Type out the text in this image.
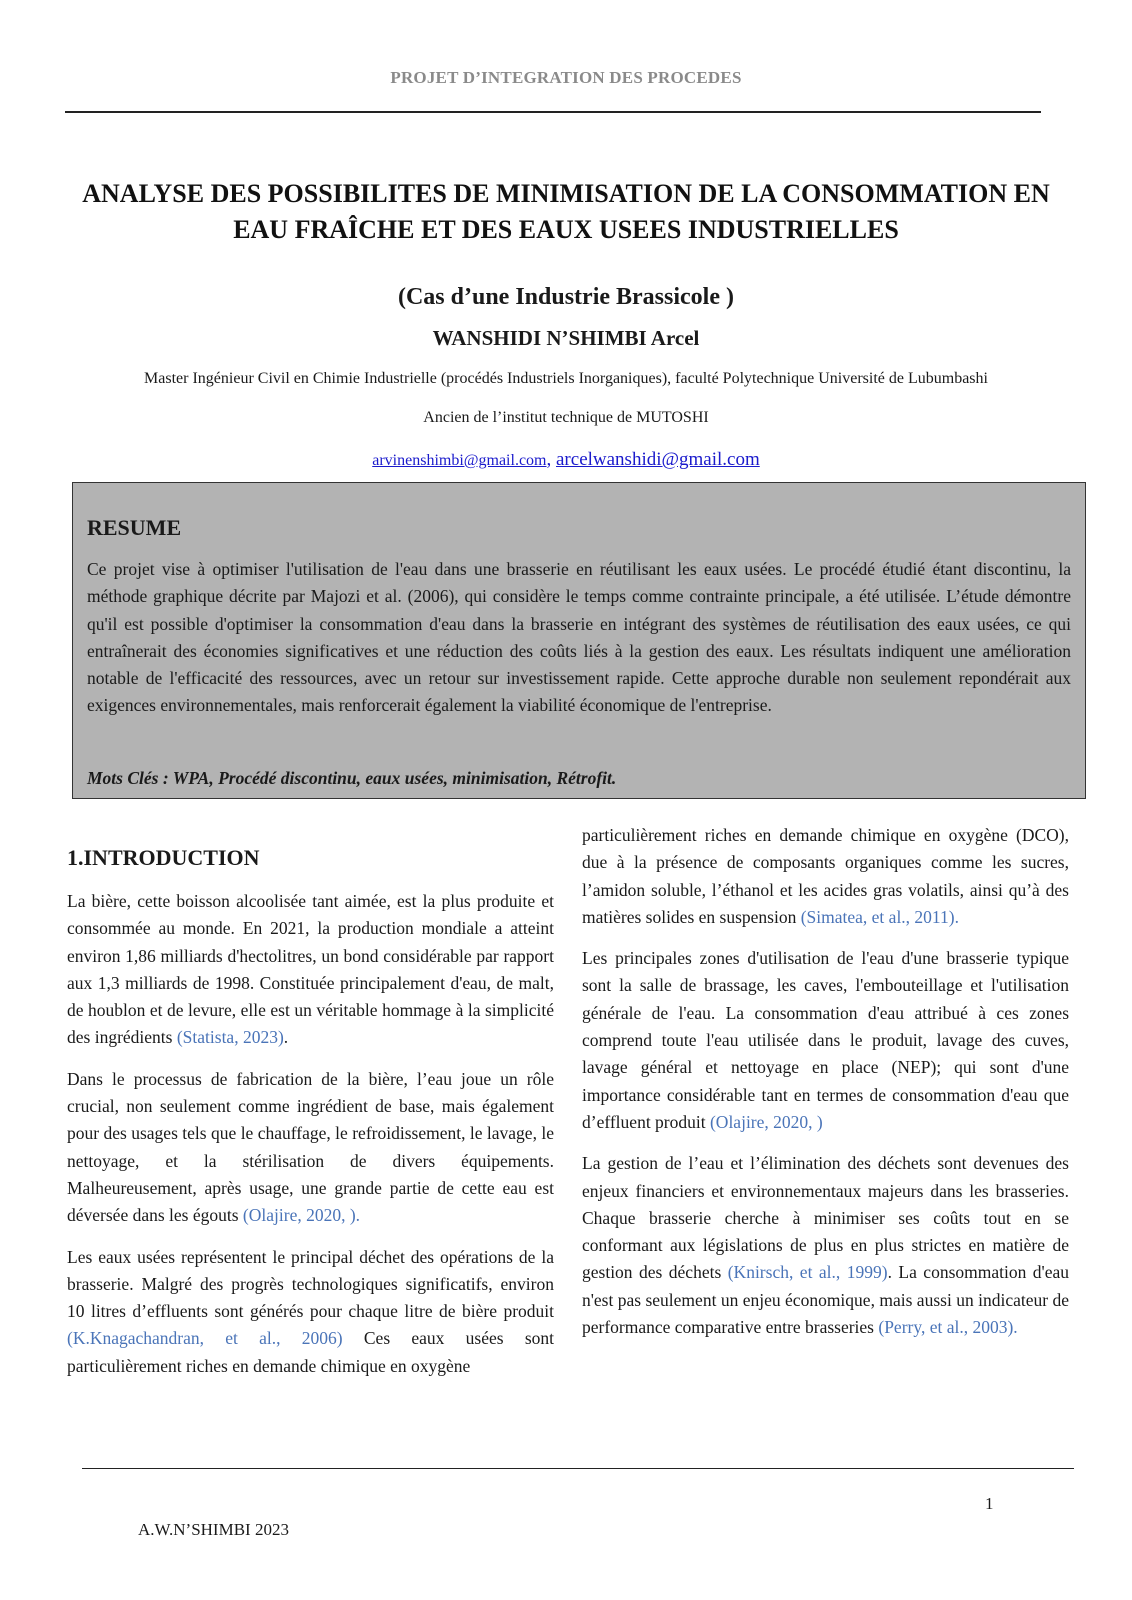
PROJET D’INTEGRATION DES PROCEDES
ANALYSE DES POSSIBILITES DE MINIMISATION DE LA CONSOMMATION EN
EAU FRAÎCHE ET DES EAUX USEES INDUSTRIELLES
(Cas d’une Industrie Brassicole )
WANSHIDI N’SHIMBI Arcel
Master Ingénieur Civil en Chimie Industrielle (procédés Industriels Inorganiques), faculté Polytechnique Université de Lubumbashi
Ancien de l’institut technique de MUTOSHI
arvinenshimbi@gmail.com, arcelwanshidi@gmail.com
RESUME
Ce projet vise à optimiser l'utilisation de l'eau dans une brasserie en réutilisant les eaux usées. Le procédé étudié étant discontinu, la méthode graphique décrite par Majozi et al. (2006), qui considère le temps comme contrainte principale, a été utilisée. L’étude démontre qu'il est possible d'optimiser la consommation d'eau dans la brasserie en intégrant des systèmes de réutilisation des eaux usées, ce qui entraînerait des économies significatives et une réduction des coûts liés à la gestion des eaux. Les résultats indiquent une amélioration notable de l'efficacité des ressources, avec un retour sur investissement rapide. Cette approche durable non seulement repondérait aux exigences environnementales, mais renforcerait également la viabilité économique de l'entreprise.
Mots Clés : WPA, Procédé discontinu, eaux usées, minimisation, Rétrofit.
1.INTRODUCTION

La bière, cette boisson alcoolisée tant aimée, est la plus produite et consommée au monde. En 2021, la production mondiale a atteint environ 1,86 milliards d'hectolitres, un bond considérable par rapport aux 1,3 milliards de 1998. Constituée principalement d'eau, de malt, de houblon et de levure, elle est un véritable hommage à la simplicité des ingrédients (Statista, 2023).

Dans le processus de fabrication de la bière, l’eau joue un rôle crucial, non seulement comme ingrédient de base, mais également pour des usages tels que le chauffage, le refroidissement, le lavage, le nettoyage, et la stérilisation de divers équipements. Malheureusement, après usage, une grande partie de cette eau est déversée dans les égouts (Olajire, 2020, ).

Les eaux usées représentent le principal déchet des opérations de la brasserie. Malgré des progrès technologiques significatifs, environ 10 litres d’effluents sont générés pour chaque litre de bière produit (K.Knagachandran, et al., 2006) Ces eaux usées sont particulièrement riches en demande chimique en oxygène

particulièrement riches en demande chimique en oxygène (DCO), due à la présence de composants organiques comme les sucres, l’amidon soluble, l’éthanol et les acides gras volatils, ainsi qu’à des matières solides en suspension (Simatea, et al., 2011).

Les principales zones d'utilisation de l'eau d'une brasserie typique sont la salle de brassage, les caves, l'embouteillage et l'utilisation générale de l'eau. La consommation d'eau attribué à ces zones comprend toute l'eau utilisée dans le produit, lavage des cuves, lavage général et nettoyage en place (NEP); qui sont d'une importance considérable tant en termes de consommation d'eau que d’effluent produit (Olajire, 2020, )

La gestion de l’eau et l’élimination des déchets sont devenues des enjeux financiers et environnementaux majeurs dans les brasseries. Chaque brasserie cherche à minimiser ses coûts tout en se conformant aux législations de plus en plus strictes en matière de gestion des déchets (Knirsch, et al., 1999). La consommation d'eau n'est pas seulement un enjeu économique, mais aussi un indicateur de performance comparative entre brasseries (Perry, et al., 2003).

1
A.W.N’SHIMBI 2023
